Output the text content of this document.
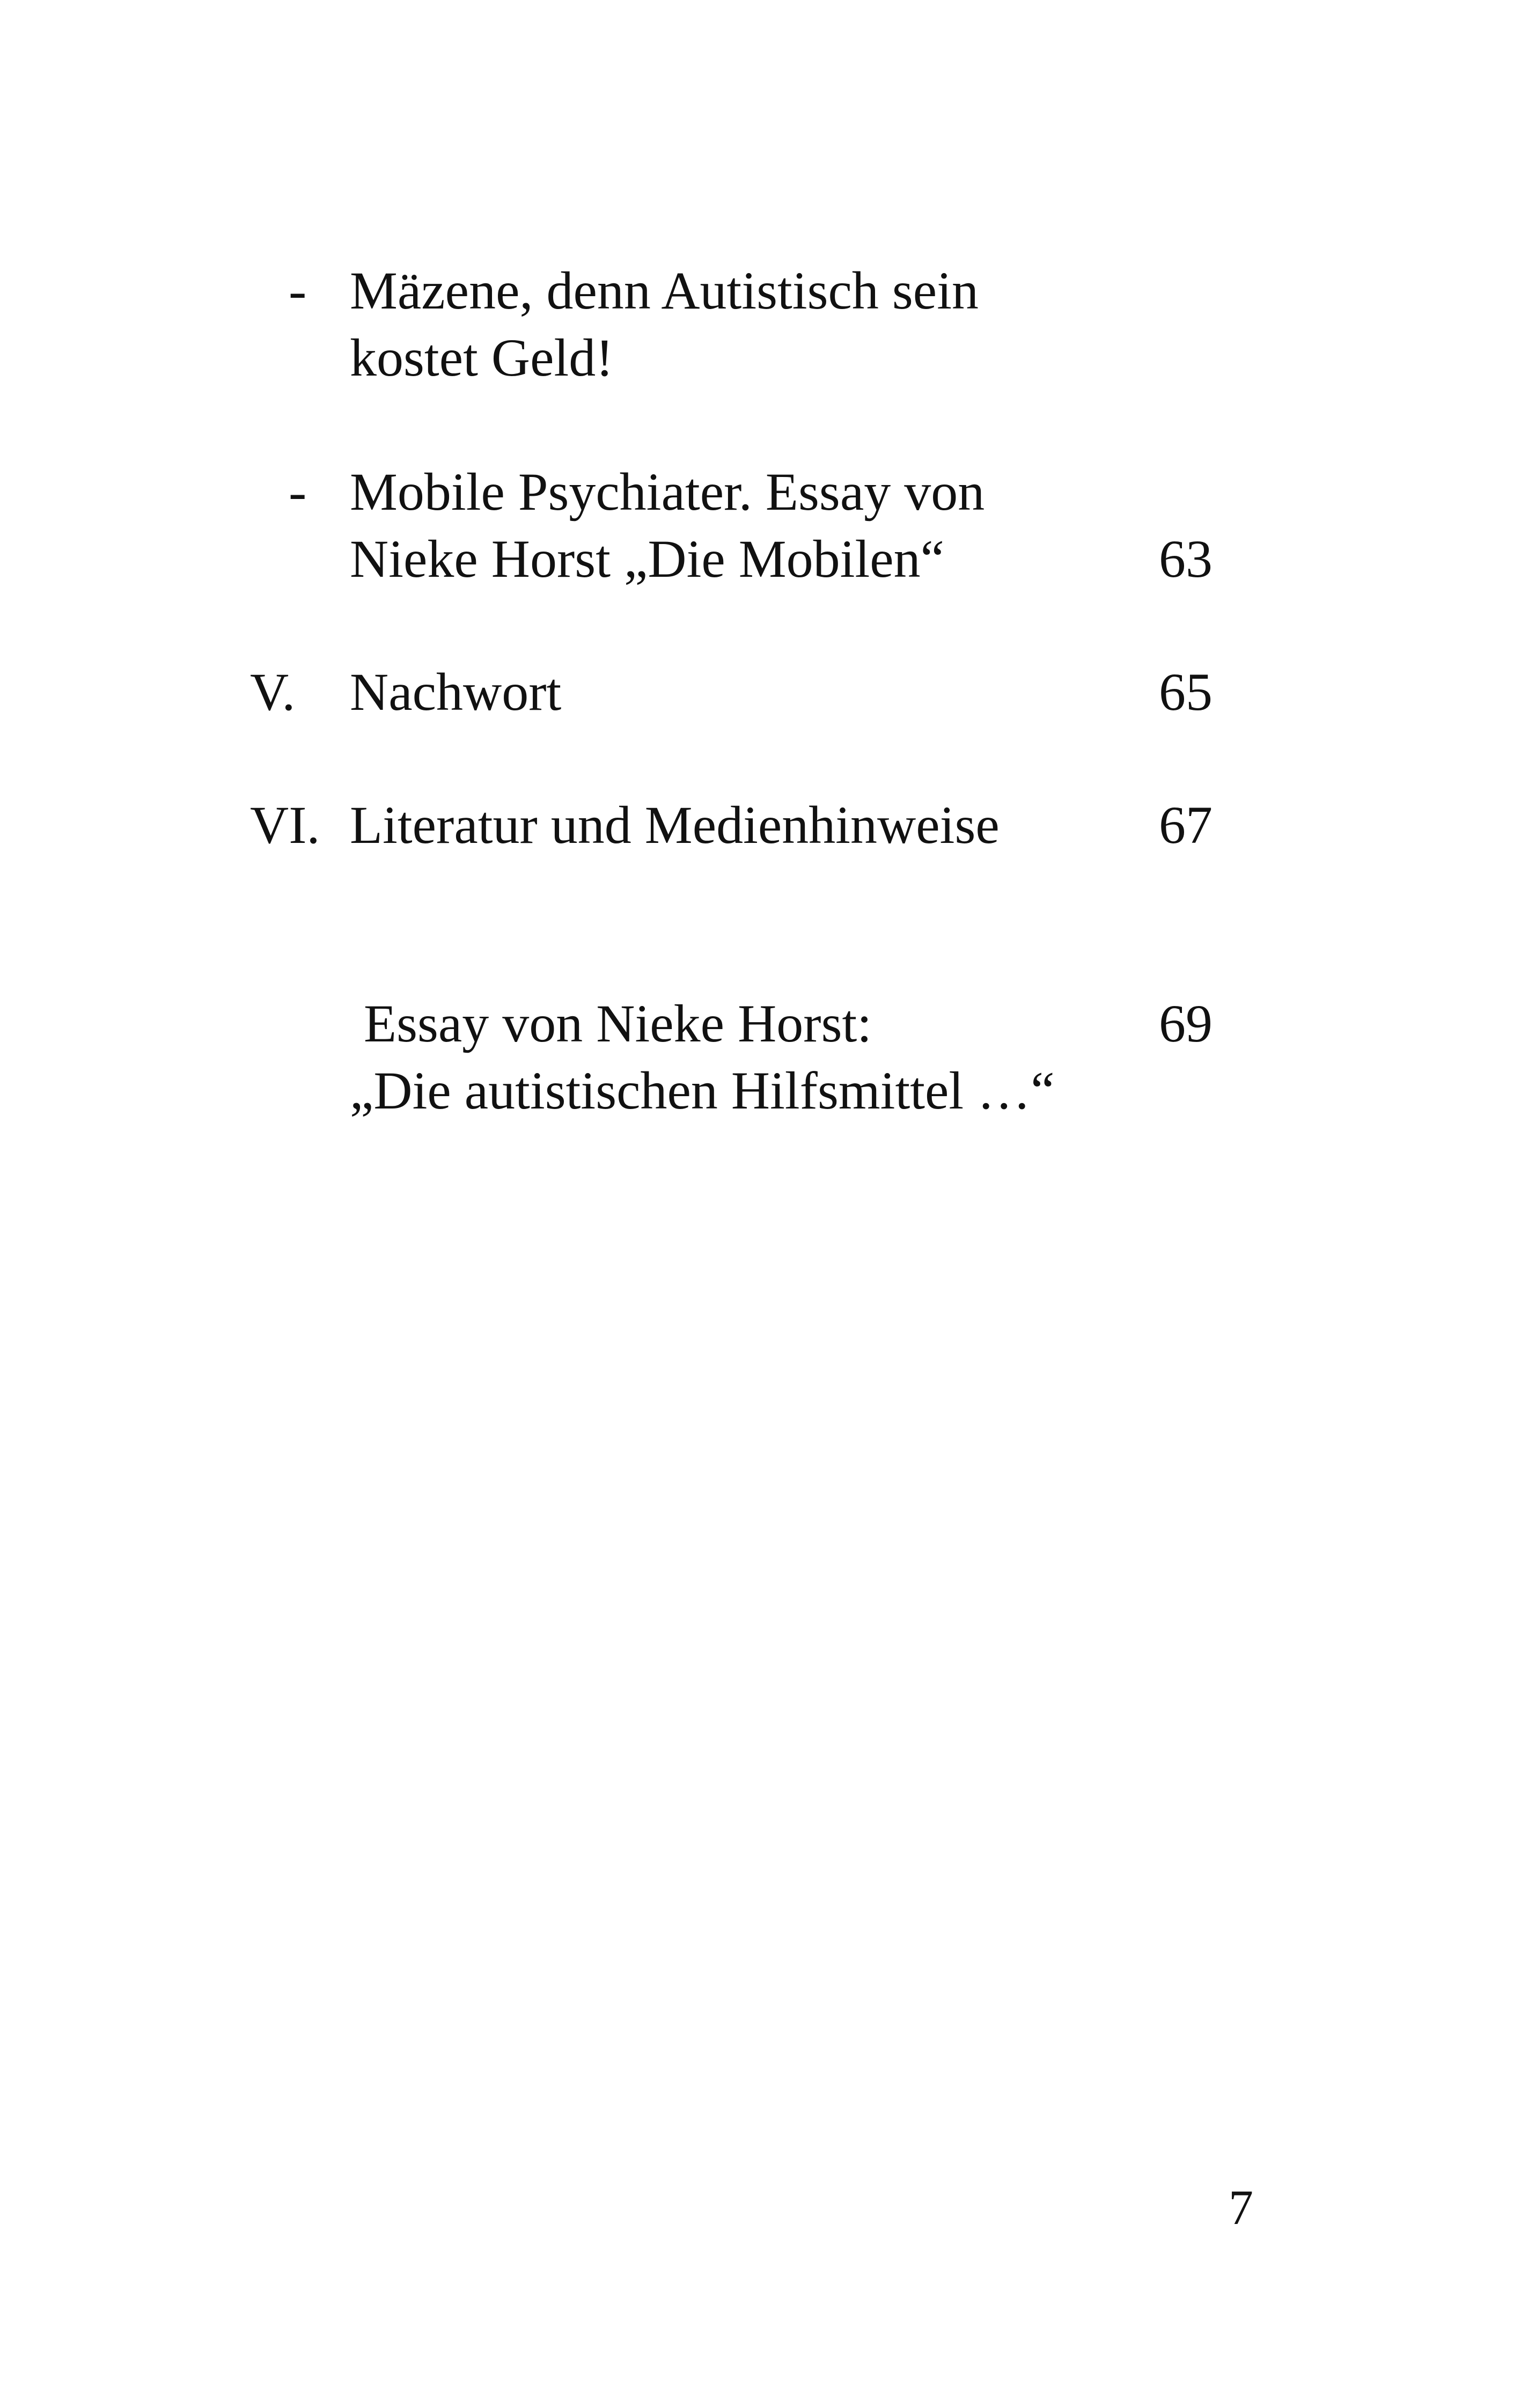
- Mäzene, denn Autistisch sein
kostet Geld!
- Mobile Psychiater. Essay von
Nieke Horst „Die Mobilen“	63
V. Nachwort	65
VI. Literatur und Medienhinweise	67
Essay von Nieke Horst:	69
„Die autistischen Hilfsmittel …“
7
